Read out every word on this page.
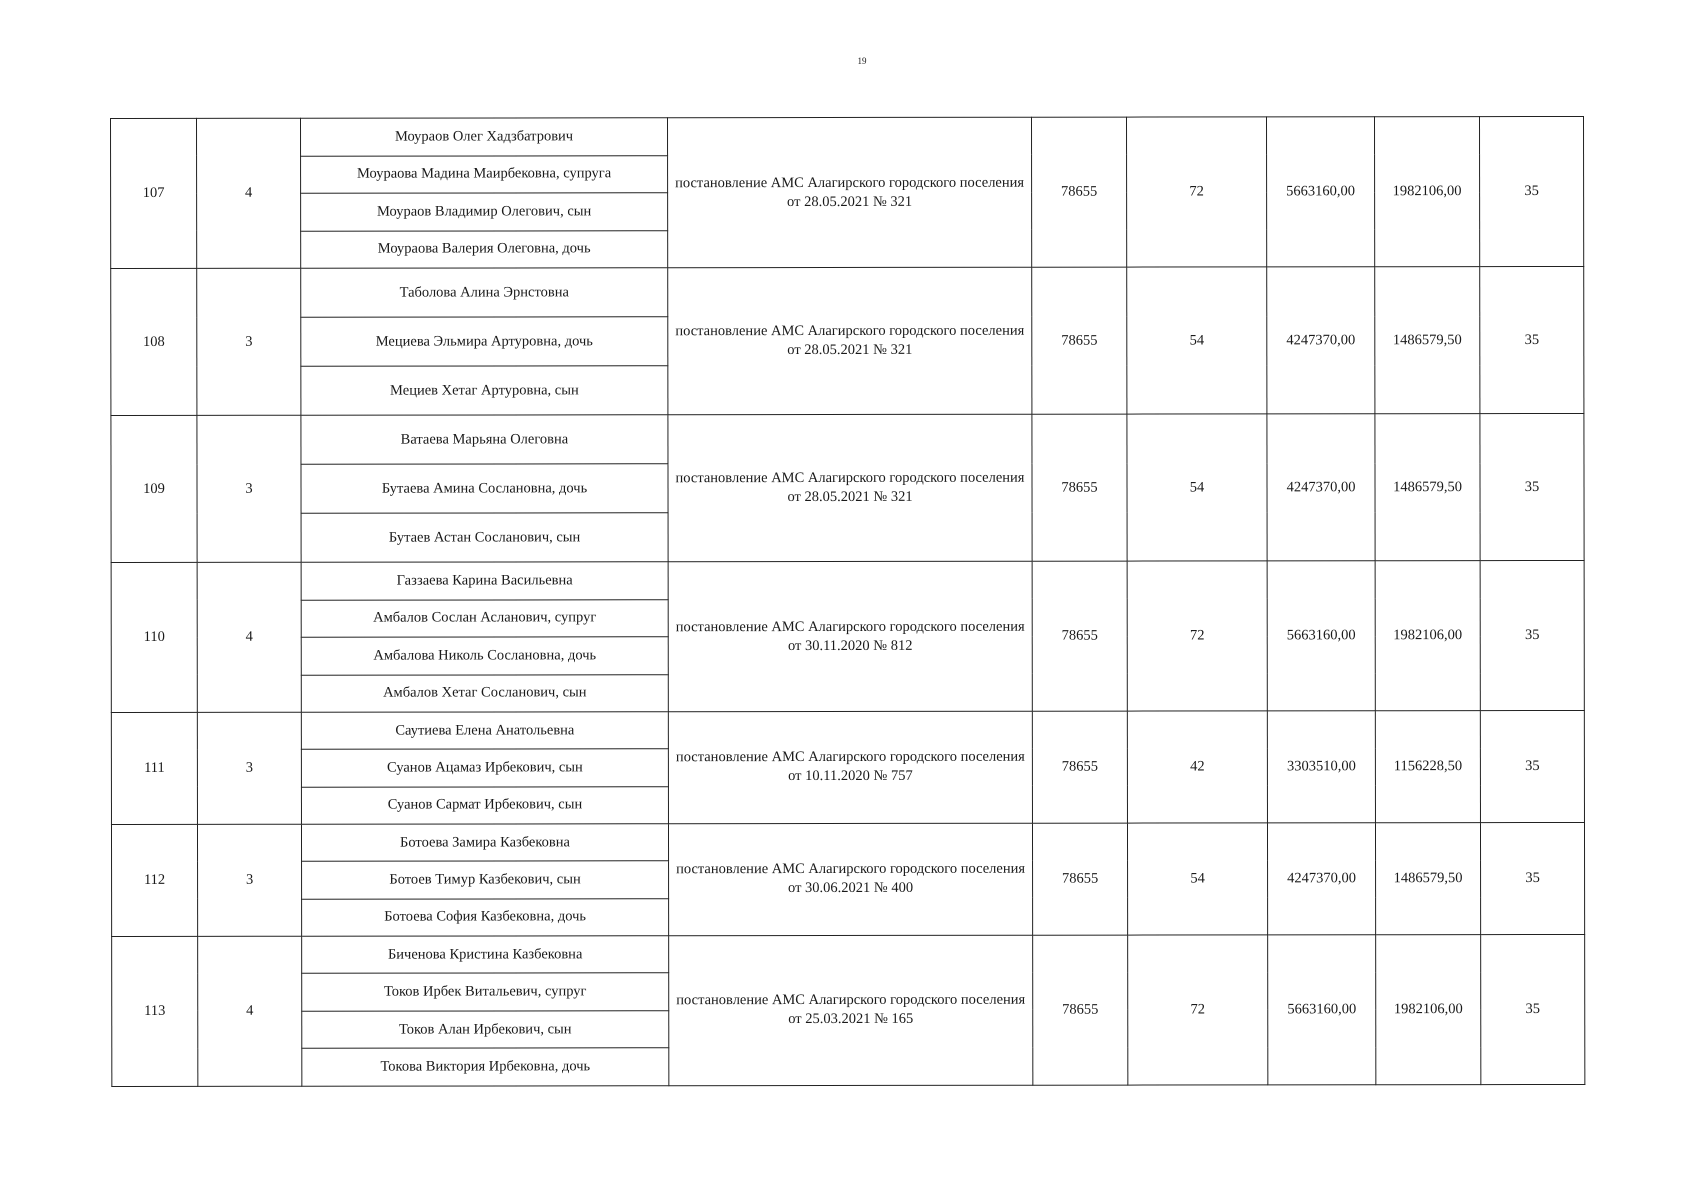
19
107	4	Моураов Олег Хадзбатрович	постановление АМС Алагирского городского поселения от 28.05.2021 № 321	78655	72	5663160,00	1982106,00	35
		Моураова Мадина Маирбековна, супруга						
		Моураов Владимир Олегович, сын						
		Моураова Валерия Олеговна, дочь						
108	3	Таболова Алина Эрнстовна	постановление АМС Алагирского городского поселения от 28.05.2021 № 321	78655	54	4247370,00	1486579,50	35
		Мециева Эльмира Артуровна, дочь						
		Мециев Хетаг Артуровна, сын						
109	3	Ватаева Марьяна Олеговна	постановление АМС Алагирского городского поселения от 28.05.2021 № 321	78655	54	4247370,00	1486579,50	35
		Бутаева Амина Сослановна, дочь						
		Бутаев Астан Сосланович, сын						
110	4	Газзаева Карина Васильевна	постановление АМС Алагирского городского поселения от 30.11.2020 № 812	78655	72	5663160,00	1982106,00	35
		Амбалов Сослан Асланович, супруг						
		Амбалова Николь Сослановна, дочь						
		Амбалов Хетаг Сосланович, сын						
111	3	Саутиева Елена Анатольевна	постановление АМС Алагирского городского поселения от 10.11.2020 № 757	78655	42	3303510,00	1156228,50	35
		Суанов Ацамаз Ирбекович, сын						
		Суанов Сармат Ирбекович, сын						
112	3	Ботоева Замира Казбековна	постановление АМС Алагирского городского поселения от 30.06.2021 № 400	78655	54	4247370,00	1486579,50	35
		Ботоев Тимур Казбекович, сын						
		Ботоева София Казбековна, дочь						
113	4	Биченова Кристина Казбековна	постановление АМС Алагирского городского поселения от 25.03.2021 № 165	78655	72	5663160,00	1982106,00	35
		Токов Ирбек Витальевич, супруг						
		Токов Алан Ирбекович, сын						
		Токова Виктория Ирбековна, дочь						
